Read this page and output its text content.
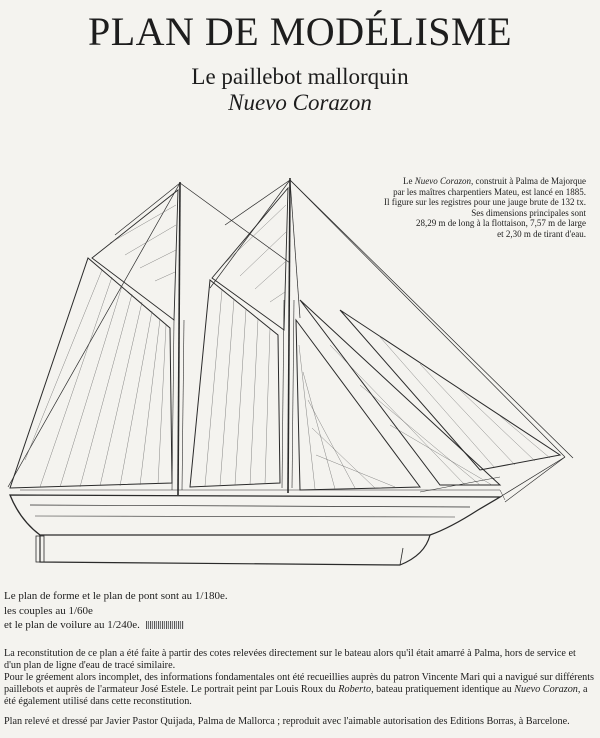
PLAN DE MODÉLISME
Le paillebot mallorquin
Nuevo Corazon
Le Nuevo Corazon, construit à Palma de Majorque
par les maîtres charpentiers Mateu, est lancé en 1885.
Il figure sur les registres pour une jauge brute de 132 tx.
Ses dimensions principales sont
28,29 m de long à la flottaison, 7,57 m de large
et 2,30 m de tirant d'eau.
Le plan de forme et le plan de pont sont au 1/180e.
les couples au 1/60e
et le plan de voilure au 1/240e.

La reconstitution de ce plan a été faite à partir des cotes relevées directement sur le bateau alors qu'il était amarré à Palma, hors de service et d'un plan de ligne d'eau de tracé similaire.

Pour le gréement alors incomplet, des informations fondamentales ont été recueillies auprès du patron Vincente Mari qui a navigué sur différents paillebots et auprès de l'armateur José Estele. Le portrait peint par Louis Roux du Roberto, bateau pratiquement identique au Nuevo Corazon, a été également utilisé dans cette reconstitution.

Plan relevé et dressé par Javier Pastor Quijada, Palma de Mallorca ; reproduit avec l'aimable autorisation des Editions Borras, à Barcelone.
